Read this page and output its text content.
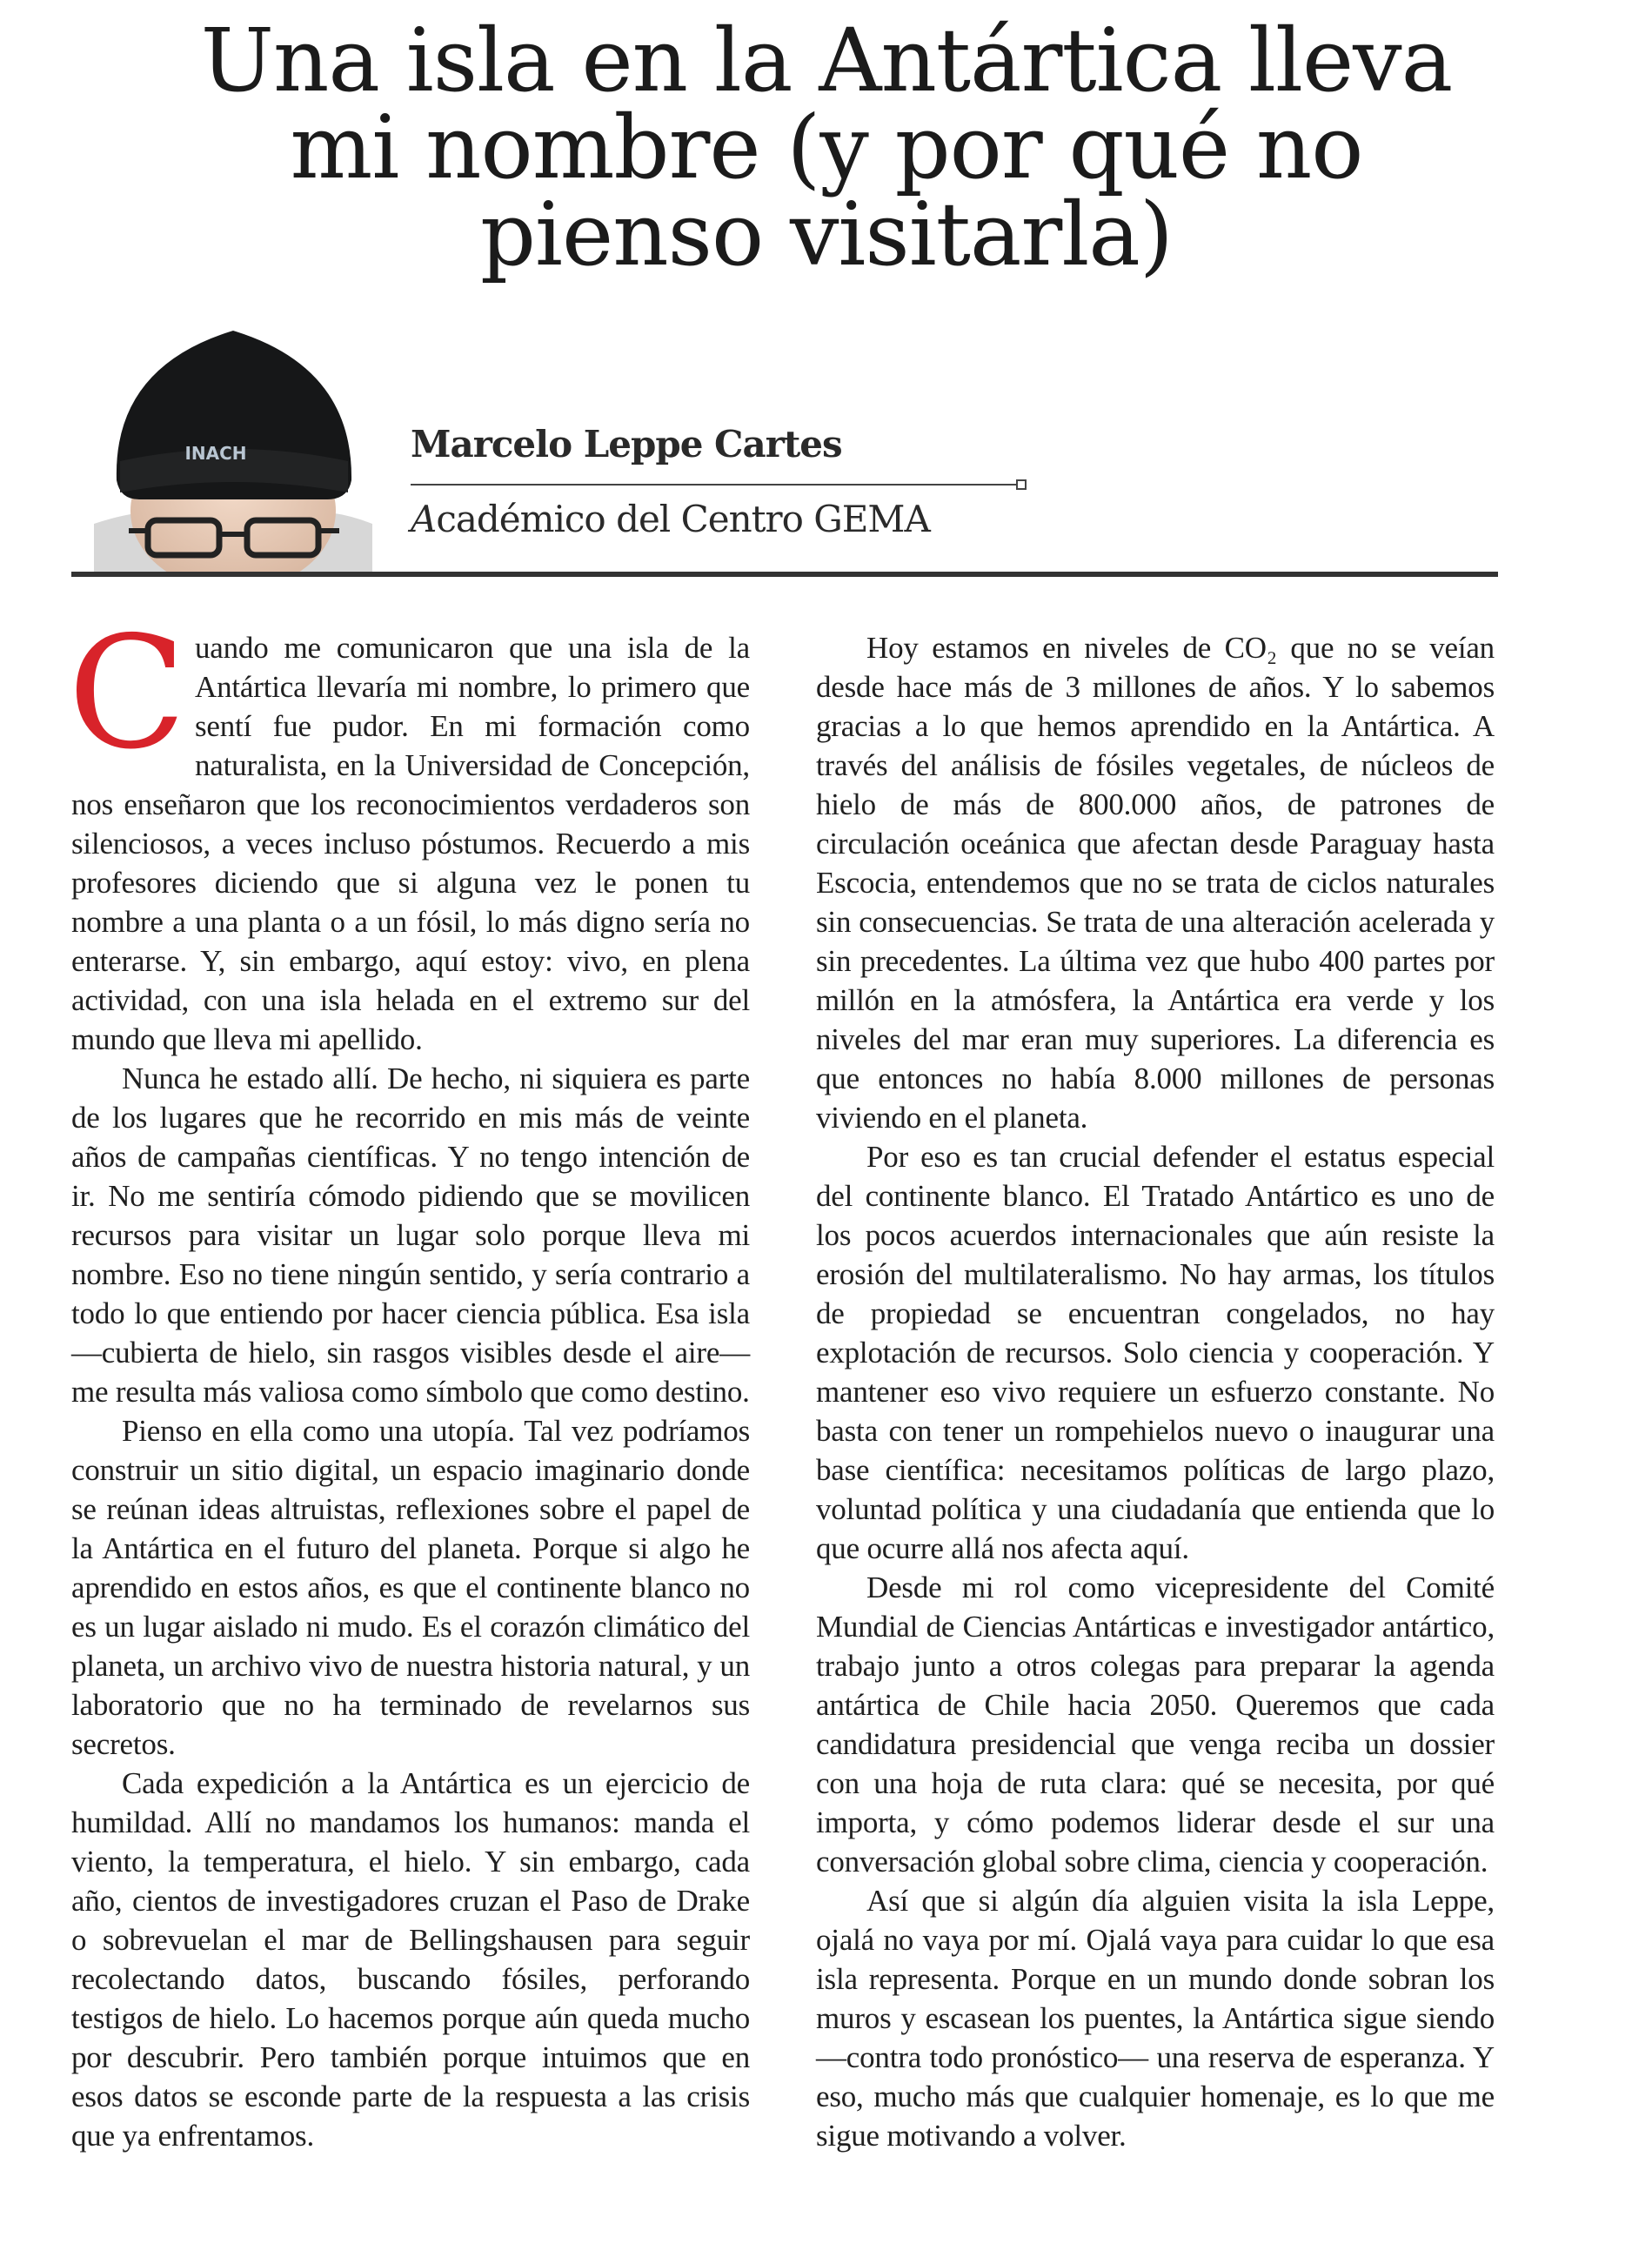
Una isla en la Antártica lleva
mi nombre (y por qué no
pienso visitarla)
INACH	Marcelo Leppe Cartes

Académico del Centro GEMA

Cuando me comunicaron que una isla de la Antártica llevaría mi nombre, lo primero que sentí fue pudor. En mi formación como naturalista, en la Universidad de Concepción, nos enseñaron que los reconocimientos verdaderos son silenciosos, a veces incluso póstumos. Recuerdo a mis profesores diciendo que si alguna vez le ponen tu nombre a una planta o a un fósil, lo más digno sería no enterarse. Y, sin embargo, aquí estoy: vivo, en plena actividad, con una isla helada en el extremo sur del mundo que lleva mi apellido.

Nunca he estado allí. De hecho, ni siquiera es parte de los lugares que he recorrido en mis más de veinte años de campañas científicas. Y no tengo intención de ir. No me sentiría cómodo pidiendo que se movilicen recursos para visitar un lugar solo porque lleva mi nombre. Eso no tiene ningún sentido, y sería contrario a todo lo que entiendo por hacer ciencia pública. Esa isla —cubierta de hielo, sin rasgos visibles desde el aire— me resulta más valiosa como símbolo que como destino.

Pienso en ella como una utopía. Tal vez podríamos construir un sitio digital, un espacio imaginario donde se reúnan ideas altruistas, reflexiones sobre el papel de la Antártica en el futuro del planeta. Porque si algo he aprendido en estos años, es que el continente blanco no es un lugar aislado ni mudo. Es el corazón climático del planeta, un archivo vivo de nuestra historia natural, y un laboratorio que no ha terminado de revelarnos sus secretos.

Cada expedición a la Antártica es un ejercicio de humildad. Allí no mandamos los humanos: manda el viento, la temperatura, el hielo. Y sin embargo, cada año, cientos de investigadores cruzan el Paso de Drake o sobrevuelan el mar de Bellingshausen para seguir recolectando datos, buscando fósiles, perforando testigos de hielo. Lo hacemos porque aún queda mucho por descubrir. Pero también porque intuimos que en esos datos se esconde parte de la respuesta a las crisis que ya enfrentamos.

Hoy estamos en niveles de CO₂ que no se veían desde hace más de 3 millones de años. Y lo sabemos gracias a lo que hemos aprendido en la Antártica. A través del análisis de fósiles vegetales, de núcleos de hielo de más de 800.000 años, de patrones de circulación oceánica que afectan desde Paraguay hasta Escocia, entendemos que no se trata de ciclos naturales sin consecuencias. Se trata de una alteración acelerada y sin precedentes. La última vez que hubo 400 partes por millón en la atmósfera, la Antártica era verde y los niveles del mar eran muy superiores. La diferencia es que entonces no había 8.000 millones de personas viviendo en el planeta.

Por eso es tan crucial defender el estatus especial del continente blanco. El Tratado Antártico es uno de los pocos acuerdos internacionales que aún resiste la erosión del multilateralismo. No hay armas, los títulos de propiedad se encuentran congelados, no hay explotación de recursos. Solo ciencia y cooperación. Y mantener eso vivo requiere un esfuerzo constante. No basta con tener un rompehielos nuevo o inaugurar una base científica: necesitamos políticas de largo plazo, voluntad política y una ciudadanía que entienda que lo que ocurre allá nos afecta aquí.

Desde mi rol como vicepresidente del Comité Mundial de Ciencias Antárticas e investigador antártico, trabajo junto a otros colegas para preparar la agenda antártica de Chile hacia 2050. Queremos que cada candidatura presidencial que venga reciba un dossier con una hoja de ruta clara: qué se necesita, por qué importa, y cómo podemos liderar desde el sur una conversación global sobre clima, ciencia y cooperación.

Así que si algún día alguien visita la isla Leppe, ojalá no vaya por mí. Ojalá vaya para cuidar lo que esa isla representa. Porque en un mundo donde sobran los muros y escasean los puentes, la Antártica sigue siendo —contra todo pronóstico— una reserva de esperanza. Y eso, mucho más que cualquier homenaje, es lo que me sigue motivando a volver.
